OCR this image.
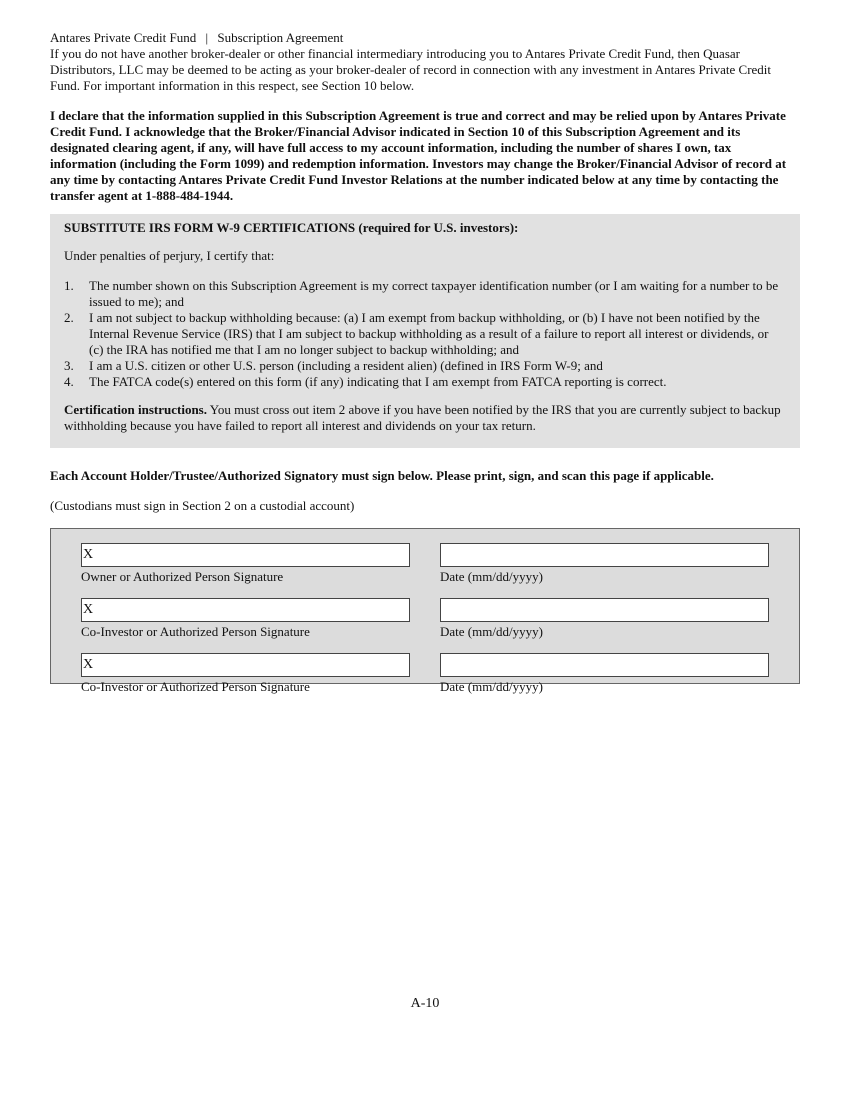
Antares Private Credit Fund | Subscription Agreement

If you do not have another broker-dealer or other financial intermediary introducing you to Antares Private Credit Fund, then Quasar Distributors, LLC may be deemed to be acting as your broker-dealer of record in connection with any investment in Antares Private Credit Fund. For important information in this respect, see Section 10 below.

I declare that the information supplied in this Subscription Agreement is true and correct and may be relied upon by Antares Private Credit Fund. I acknowledge that the Broker/Financial Advisor indicated in Section 10 of this Subscription Agreement and its designated clearing agent, if any, will have full access to my account information, including the number of shares I own, tax information (including the Form 1099) and redemption information. Investors may change the Broker/Financial Advisor of record at any time by contacting Antares Private Credit Fund Investor Relations at the number indicated below at any time by contacting the transfer agent at 1-888-484-1944.

SUBSTITUTE IRS FORM W-9 CERTIFICATIONS (required for U.S. investors):

Under penalties of perjury, I certify that:

1.	The number shown on this Subscription Agreement is my correct taxpayer identification number (or I am waiting for a number to be issued to me); and
2.	I am not subject to backup withholding because: (a) I am exempt from backup withholding, or (b) I have not been notified by the Internal Revenue Service (IRS) that I am subject to backup withholding as a result of a failure to report all interest or dividends, or (c) the IRA has notified me that I am no longer subject to backup withholding; and
3.	I am a U.S. citizen or other U.S. person (including a resident alien) (defined in IRS Form W-9; and
4.	The FATCA code(s) entered on this form (if any) indicating that I am exempt from FATCA reporting is correct.

Certification instructions. You must cross out item 2 above if you have been notified by the IRS that you are currently subject to backup withholding because you have failed to report all interest and dividends on your tax return.

Each Account Holder/Trustee/Authorized Signatory must sign below. Please print, sign, and scan this page if applicable.

(Custodians must sign in Section 2 on a custodial account)

X
Owner or Authorized Person Signature	Date (mm/dd/yyyy)
X
Co-Investor or Authorized Person Signature	Date (mm/dd/yyyy)
X
Co-Investor or Authorized Person Signature	Date (mm/dd/yyyy)
A-10
